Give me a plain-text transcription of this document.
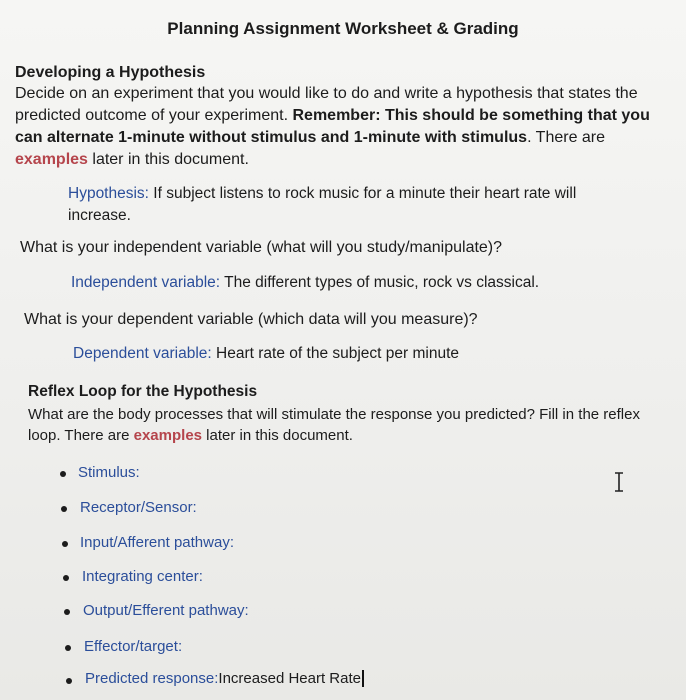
Planning Assignment Worksheet & Grading
Developing a Hypothesis
Decide on an experiment that you would like to do and write a hypothesis that states the predicted outcome of your experiment. Remember: This should be something that you can alternate 1-minute without stimulus and 1-minute with stimulus. There are examples later in this document.
Hypothesis: If subject listens to rock music for a minute their heart rate will increase.
What is your independent variable (what will you study/manipulate)?
Independent variable: The different types of music, rock vs classical.
What is your dependent variable (which data will you measure)?
Dependent variable: Heart rate of the subject per minute
Reflex Loop for the Hypothesis
What are the body processes that will stimulate the response you predicted? Fill in the reflex loop. There are examples later in this document.
Stimulus:
Receptor/Sensor:
Input/Afferent pathway:
Integrating center:
Output/Efferent pathway:
Effector/target:
Predicted response: Increased Heart Rate
